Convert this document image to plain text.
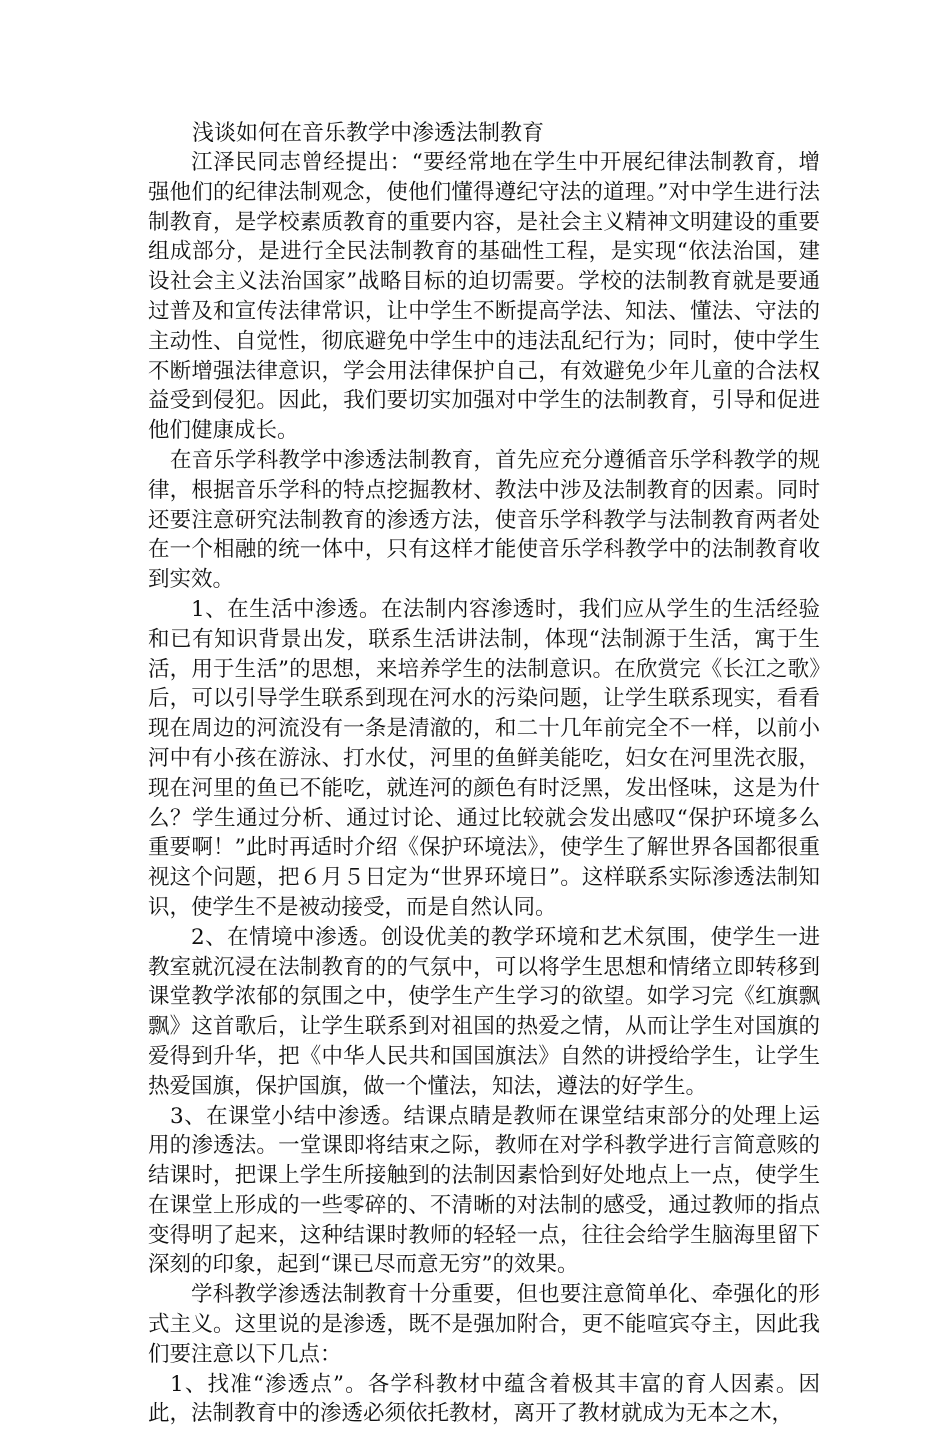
浅谈如何在音乐教学中渗透法制教育

江泽民同志曾经提出：“要经常地在学生中开展纪律法制教育，增强他们的纪律法制观念，使他们懂得遵纪守法的道理。”对中学生进行法制教育，是学校素质教育的重要内容，是社会主义精神文明建设的重要组成部分，是进行全民法制教育的基础性工程，是实现“依法治国，建设社会主义法治国家”战略目标的迫切需要。学校的法制教育就是要通过普及和宣传法律常识，让中学生不断提高学法、知法、懂法、守法的主动性、自觉性，彻底避免中学生中的违法乱纪行为；同时，使中学生不断增强法律意识，学会用法律保护自己，有效避免少年儿童的合法权益受到侵犯。因此，我们要切实加强对中学生的法制教育，引导和促进他们健康成长。

在音乐学科教学中渗透法制教育，首先应充分遵循音乐学科教学的规律，根据音乐学科的特点挖掘教材、教法中涉及法制教育的因素。同时还要注意研究法制教育的渗透方法，使音乐学科教学与法制教育两者处在一个相融的统一体中，只有这样才能使音乐学科教学中的法制教育收到实效。

1、在生活中渗透。在法制内容渗透时，我们应从学生的生活经验和已有知识背景出发，联系生活讲法制，体现“法制源于生活，寓于生活，用于生活”的思想，来培养学生的法制意识。在欣赏完《长江之歌》后，可以引导学生联系到现在河水的污染问题，让学生联系现实，看看现在周边的河流没有一条是清澈的，和二十几年前完全不一样，以前小河中有小孩在游泳、打水仗，河里的鱼鲜美能吃，妇女在河里洗衣服，现在河里的鱼已不能吃，就连河的颜色有时泛黑，发出怪味，这是为什么？学生通过分析、通过讨论、通过比较就会发出感叹“保护环境多么重要啊！”此时再适时介绍《保护环境法》，使学生了解世界各国都很重视这个问题，把６月５日定为“世界环境日”。这样联系实际渗透法制知识，使学生不是被动接受，而是自然认同。

2、在情境中渗透。创设优美的教学环境和艺术氛围，使学生一进教室就沉浸在法制教育的的气氛中，可以将学生思想和情绪立即转移到课堂教学浓郁的氛围之中，使学生产生学习的欲望。如学习完《红旗飘飘》这首歌后，让学生联系到对祖国的热爱之情，从而让学生对国旗的爱得到升华，把《中华人民共和国国旗法》自然的讲授给学生，让学生热爱国旗，保护国旗，做一个懂法，知法，遵法的好学生。

3、在课堂小结中渗透。结课点睛是教师在课堂结束部分的处理上运用的渗透法。一堂课即将结束之际，教师在对学科教学进行言简意赅的结课时，把课上学生所接触到的法制因素恰到好处地点上一点，使学生在课堂上形成的一些零碎的、不清晰的对法制的感受，通过教师的指点变得明了起来，这种结课时教师的轻轻一点，往往会给学生脑海里留下深刻的印象，起到“课已尽而意无穷”的效果。

学科教学渗透法制教育十分重要，但也要注意简单化、牵强化的形式主义。这里说的是渗透，既不是强加附合，更不能喧宾夺主，因此我们要注意以下几点：

1、找准“渗透点”。各学科教材中蕴含着极其丰富的育人因素。因此，法制教育中的渗透必须依托教材，离开了教材就成为无本之木，
